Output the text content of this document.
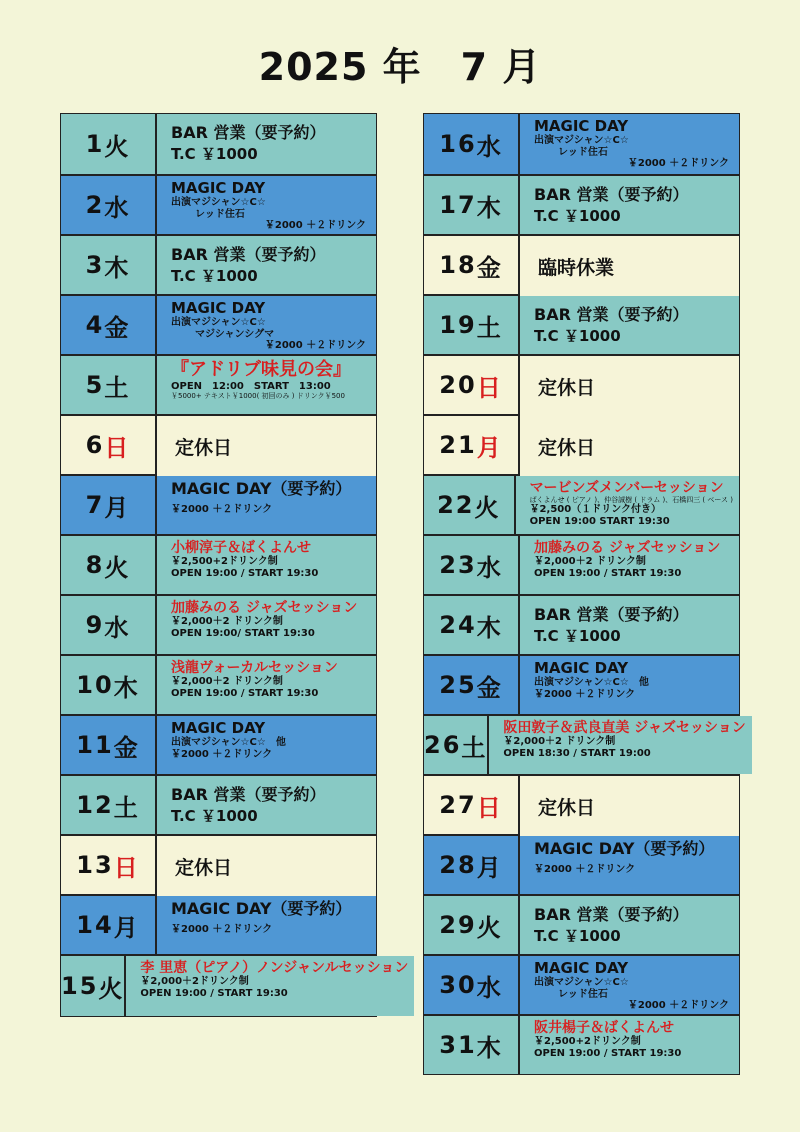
2025 年　7 月
1 火	BAR 営業（要予約）
T.C ￥1000
2 水
MAGIC DAY
出演マジシャン☆C☆
レッド住石
￥2000 ＋２ドリンク
3 木	BAR 営業（要予約）
T.C ￥1000
4 金
MAGIC DAY
出演マジシャン☆C☆
マジシャンシグマ
￥2000 ＋２ドリンク
5 土
『アドリブ味見の会』
OPEN　12:00　START　13:00
￥5000+ テキスト￥1000( 初回のみ ) ドリンク￥500
6 日 定休日
7 月
MAGIC DAY（要予約）
￥2000 ＋２ドリンク
8 火
小柳淳子＆ばくよんせ
￥2,500+2ドリンク制
OPEN 19:00 / START 19:30
9 水
加藤みのる ジャズセッション
￥2,000＋2 ドリンク制
OPEN 19:00/ START 19:30
10 木
浅龍ヴォーカルセッション
￥2,000＋2 ドリンク制
OPEN 19:00 / START 19:30
11 金
MAGIC DAY
出演マジシャン☆C☆　他
￥2000 ＋２ドリンク
12 土 BAR 営業（要予約）
T.C ￥1000
13 日 定休日
14 月
MAGIC DAY（要予約）
￥2000 ＋２ドリンク
15 火
李 里恵（ピアノ）ノンジャンルセッション
￥2,000＋2ドリンク制
OPEN 19:00 / START 19:30
16 水
MAGIC DAY
出演マジシャン☆C☆
レッド住石
￥2000 ＋２ドリンク
17 木 BAR 営業（要予約）
T.C ￥1000
18 金 臨時休業
19 土 BAR 営業（要予約）
T.C ￥1000
20 日 定休日
21 月 定休日
22 火
マービンズメンバーセッション
ばくよんせ ( ピアノ )、仲谷誠樹 ( ドラム )、石橋四三 ( ベース )
￥2,500（１ドリンク付き）
OPEN 19:00 START 19:30
23 水
加藤みのる ジャズセッション
￥2,000＋2 ドリンク制
OPEN 19:00 / START 19:30
24 木 BAR 営業（要予約）
T.C ￥1000
25 金
MAGIC DAY
出演マジシャン☆C☆　他
￥2000 ＋２ドリンク
26 土
阪田敦子＆武良直美 ジャズセッション
￥2,000＋2 ドリンク制
OPEN 18:30 / START 19:00
27 日 定休日
28 月
MAGIC DAY（要予約）
￥2000 ＋２ドリンク
29 火 BAR 営業（要予約）
T.C ￥1000
30 水
MAGIC DAY
出演マジシャン☆C☆
レッド住石
￥2000 ＋２ドリンク
31 木
阪井楊子＆ばくよんせ
￥2,500+2ドリンク制
OPEN 19:00 / START 19:30
